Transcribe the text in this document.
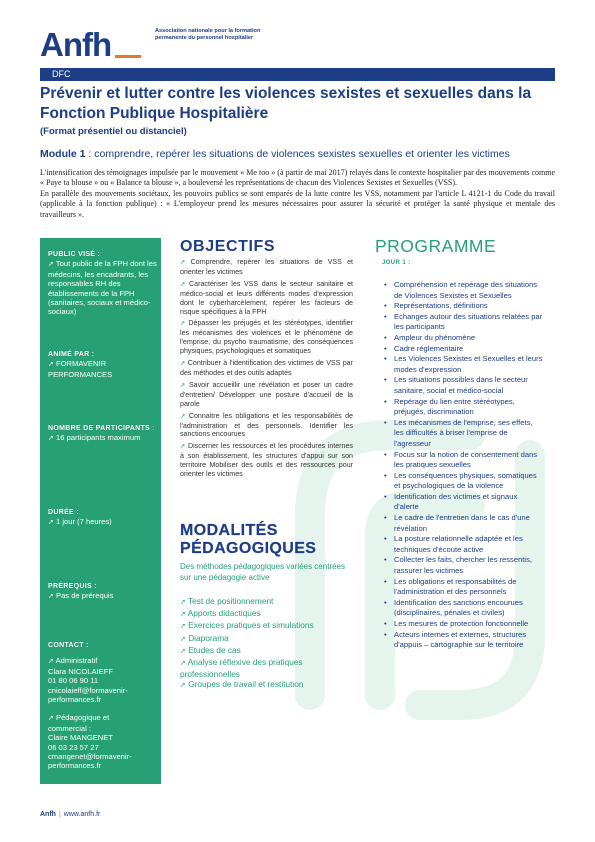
Anfh	Association nationale pour la formation permanente du personnel hospitalier
DFC
Prévenir et lutter contre les violences sexistes et sexuelles dans la Fonction Publique Hospitalière
(Format présentiel ou distanciel)
Module 1 : comprendre, repérer les situations de violences sexistes sexuelles et orienter les victimes

L'intensification des témoignages impulsée par le mouvement « Me too » (à partir de mai 2017) relayés dans le contexte hospitalier par des mouvements comme « Paye ta blouse » ou « Balance ta blouse », a bouleversé les représentations de chacun des Violences Sexistes et Sexuelles (VSS).

En parallèle des mouvements sociétaux, les pouvoirs publics se sont emparés de la lutte contre les VSS, notamment par l'article L 4121-1 du Code du travail (applicable à la fonction publique) : « L'employeur prend les mesures nécessaires pour assurer la sécurité et protéger la santé physique et mentale des travailleurs ».

PUBLIC VISÉ :
➚ Tout public de la FPH dont les médecins, les encadrants, les responsables RH des établissements de la FPH (sanitaires, sociaux et médico-sociaux)
ANIMÉ PAR :
➚ FORMAVENIR PERFORMANCES
NOMBRE DE PARTICIPANTS :
➚ 16 participants maximum
DURÉE :
➚ 1 jour (7 heures)
PRÉREQUIS :
➚ Pas de prérequis
CONTACT :
➚ Administratif
Clara NICOLAIEFF
01 80 06 90 11
cnicolaieff@formavenir-
performances.fr
➚ Pédagogique et
commercial :
Claire MANGENET
06 03 23 57 27
cmangenet@formavenir-
performances.fr
OBJECTIFS
➚ Comprendre, repérer les situations de VSS et orienter les victimes
➚ Caractériser les VSS dans le secteur sanitaire et médico-social et leurs différents modes d'expression dont le cyberharcèlement, repérer les facteurs de risque spécifiques à la FPH
➚ Dépasser les préjugés et les stéréotypes, identifier les mécanismes des violences et le phénomène de l'emprise, du psycho traumatisme, des conséquences physiques, psychologiques et somatiques
➚ Contribuer à l'identification des victimes de VSS par des méthodes et des outils adaptés
➚ Savoir accueillir une révélation et poser un cadre d'entretien/ Développer une posture d'accueil de la parole
➚ Connaitre les obligations et les responsabilités de l'administration et des personnels. Identifier les sanctions encourues
➚ Discerner les ressources et les procédures internes à son établissement, les structures d'appui sur son territoire Mobiliser des outils et des ressources pour orienter les victimes
MODALITÉS
PÉDAGOGIQUES
Des méthodes pédagogiques variées centrées sur une pédagogie active
➚ Test de positionnement
➚ Apports didactiques
➚ Exercices pratiques et simulations
➚ Diaporama
➚ Etudes de cas
➚ Analyse réflexive des pratiques professionnelles
➚ Groupes de travail et restitution
PROGRAMME
JOUR 1 :
• Compréhension et repérage des situations de Violences Sexistes et Sexuelles
• Représentations, définitions
• Echanges autour des situations relatées par les participants
• Ampleur du phénomène
• Cadre réglementaire
• Les Violences Sexistes et Sexuelles et leurs modes d'expression
• Les situations possibles dans le secteur sanitaire, social et médico-social
• Repérage du lien entre stéréotypes, préjugés, discrimination
• Les mécanismes de l'emprise, ses effets, les difficultés à briser l'emprise de l'agresseur
• Focus sur la notion de consentement dans les pratiques sexuelles
• Les conséquences physiques, somatiques et psychologiques de la violence
• Identification des victimes et signaux d'alerte
• Le cadre de l'entretien dans le cas d'une révélation
• La posture relationnelle adaptée et les techniques d'écoute active
• Collecter les faits, chercher les ressentis, rassurer les victimes
• Les obligations et responsabilités de l'administration et des personnels
• Identification des sanctions encourues (disciplinaires, pénales et civiles)
• Les mesures de protection fonctionnelle
• Acteurs internes et externes, structures d'appuis – cartographie sur le territoire
Anfh | www.anfh.fr
